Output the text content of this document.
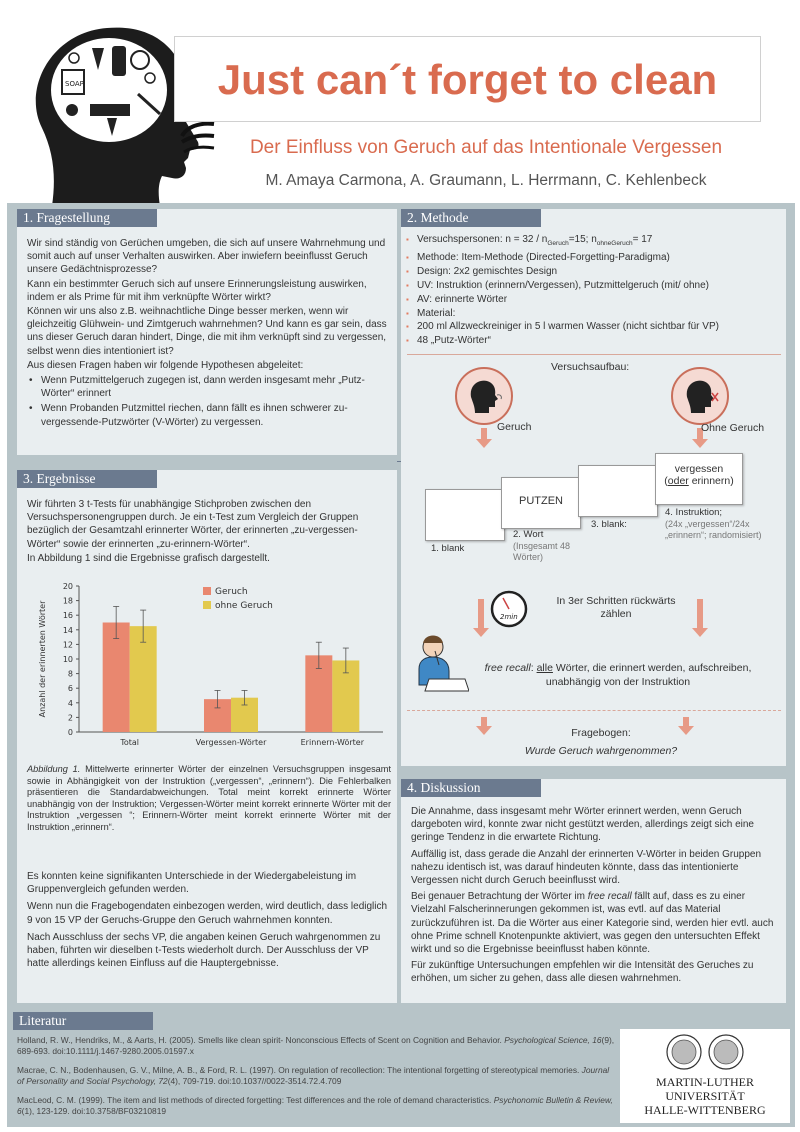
SOAP	Just can´t forget to clean
Der Einfluss von Geruch auf das Intentionale Vergessen
M. Amaya Carmona, A. Graumann, L. Herrmann, C. Kehlenbeck
1. Fragestellung

Wir sind ständig von Gerüchen umgeben, die sich auf unsere Wahrnehmung und somit auch auf unser Verhalten auswirken. Aber inwiefern beeinflusst Geruch unsere Gedächtnisprozesse?

Kann ein bestimmter Geruch sich auf unsere Erinnerungsleistung auswirken, indem er als Prime für mit ihm verknüpfte Wörter wirkt?

Können wir uns also z.B. weihnachtliche Dinge besser merken, wenn wir gleichzeitig Glühwein- und Zimtgeruch wahrnehmen? Und kann es gar sein, dass uns dieser Geruch daran hindert, Dinge, die mit ihm verknüpft sind zu vergessen, selbst wenn dies intentioniert ist?

Aus diesen Fragen haben wir folgende Hypothesen abgeleitet:

• Wenn Putzmittelgeruch zugegen ist, dann werden insgesamt mehr „Putz-Wörter“ erinnert

• Wenn Probanden Putzmittel riechen, dann fällt es ihnen schwerer zu-vergessende-Putzwörter (V-Wörter) zu vergessen.

3. Ergebnisse

Wir führten 3 t-Tests für unabhängige Stichproben zwischen den Versuchspersonengruppen durch. Je ein t-Test zum Vergleich der Gruppen bezüglich der Gesamtzahl erinnerter Wörter, der erinnerten „zu-vergessen-Wörter“ sowie der erinnerten „zu-erinnern-Wörter“.

In Abbildung 1 sind die Ergebnisse grafisch dargestellt.

0
2
4
6
8
10
12
14
16
18
20
Anzahl der erinnerten Wörter
Total	Vergessen-Wörter	Erinnern-Wörter
Geruch
ohne Geruch
Abbildung 1. Mittelwerte erinnerter Wörter der einzelnen Versuchsgruppen insgesamt sowie in Abhängigkeit von der Instruktion („vergessen“, „erinnern“). Die Fehlerbalken präsentieren die Standardabweichungen. Total meint korrekt erinnerte Wörter unabhängig von der Instruktion; Vergessen-Wörter meint korrekt erinnerte Wörter mit der Instruktion „vergessen “; Erinnern-Wörter meint korrekt erinnerte Wörter mit der Instruktion „erinnern“.

Es konnten keine signifikanten Unterschiede in der Wiedergabeleistung im Gruppenvergleich gefunden werden.

Wenn nun die Fragebogendaten einbezogen werden, wird deutlich, dass lediglich 9 von 15 VP der Geruchs-Gruppe den Geruch wahrnehmen konnten.

Nach Ausschluss der sechs VP, die angaben keinen Geruch wahrgenommen zu haben, führten wir dieselben t-Tests wiederholt durch. Der Ausschluss der VP hatte allerdings keinen Einfluss auf die Hauptergebnisse.

2. Methode
▪ Versuchspersonen: $n = 32 / n_{Geruch}=15$; $n_{ohneGeruch}= 17$
▪ Methode: Item-Methode (Directed-Forgetting-Paradigma)
▪ Design: 2x2 gemischtes Design
▪ UV: Instruktion (erinnern/Vergessen), Putzmittelgeruch (mit/ ohne)
▪ AV: erinnerte Wörter
▪ Material:
▪ 200 ml Allzweckreiniger in 5 l warmen Wasser (nicht sichtbar für VP)
▪ 48 „Putz-Wörter“
Versuchsaufbau:
Geruch	Ohne Geruch
1. blank
PUTZEN
2. Wort
(Insgesamt 48 Wörter)
3. blank:
vergessen
(oder erinnern)
4. Instruktion;
(24x „vergessen“/24x „erinnern“; randomisiert)
2min
In 3er Schritten rückwärts zählen
free recall: alle Wörter, die erinnert werden, aufschreiben, unabhängig von der Instruktion
Fragebogen:
Wurde Geruch wahrgenommen?
4. Diskussion

Die Annahme, dass insgesamt mehr Wörter erinnert werden, wenn Geruch dargeboten wird, konnte zwar nicht gestützt werden, allerdings zeigt sich eine geringe Tendenz in die erwartete Richtung.

Auffällig ist, dass gerade die Anzahl der erinnerten V-Wörter in beiden Gruppen nahezu identisch ist, was darauf hindeuten könnte, dass das intentionierte Vergessen nicht durch Geruch beeinflusst wird.

Bei genauer Betrachtung der Wörter im free recall fällt auf, dass es zu einer Vielzahl Falscherinnerungen gekommen ist, was evtl. auf das Material zurückzuführen ist. Da die Wörter aus einer Kategorie sind, werden hier evtl. auch ohne Prime schnell Knotenpunkte aktiviert, was gegen den untersuchten Effekt wirkt und so die Ergebnisse beeinflusst haben könnte.

Für zukünftige Untersuchungen empfehlen wir die Intensität des Geruches zu erhöhen, um sicher zu gehen, dass alle diesen wahrnehmen.

Literatur

Holland, R. W., Hendriks, M., & Aarts, H. (2005). Smells like clean spirit- Nonconscious Effects of Scent on Cognition and Behavior. Psychological Science, 16(9), 689-693. doi:10.1111/j.1467-9280.2005.01597.x

Macrae, C. N., Bodenhausen, G. V., Milne, A. B., & Ford, R. L. (1997). On regulation of recollection: The intentional forgetting of stereotypical memories. Journal of Personality and Social Psychology, 72(4), 709-719. doi:10.1037//0022-3514.72.4.709

MacLeod, C. M. (1999). The item and list methods of directed forgetting: Test differences and the role of demand characteristics. Psychonomic Bulletin & Review, 6(1), 123-129. doi:10.3758/BF03210819

MARTIN-LUTHER
UNIVERSITÄT
HALLE-WITTENBERG
